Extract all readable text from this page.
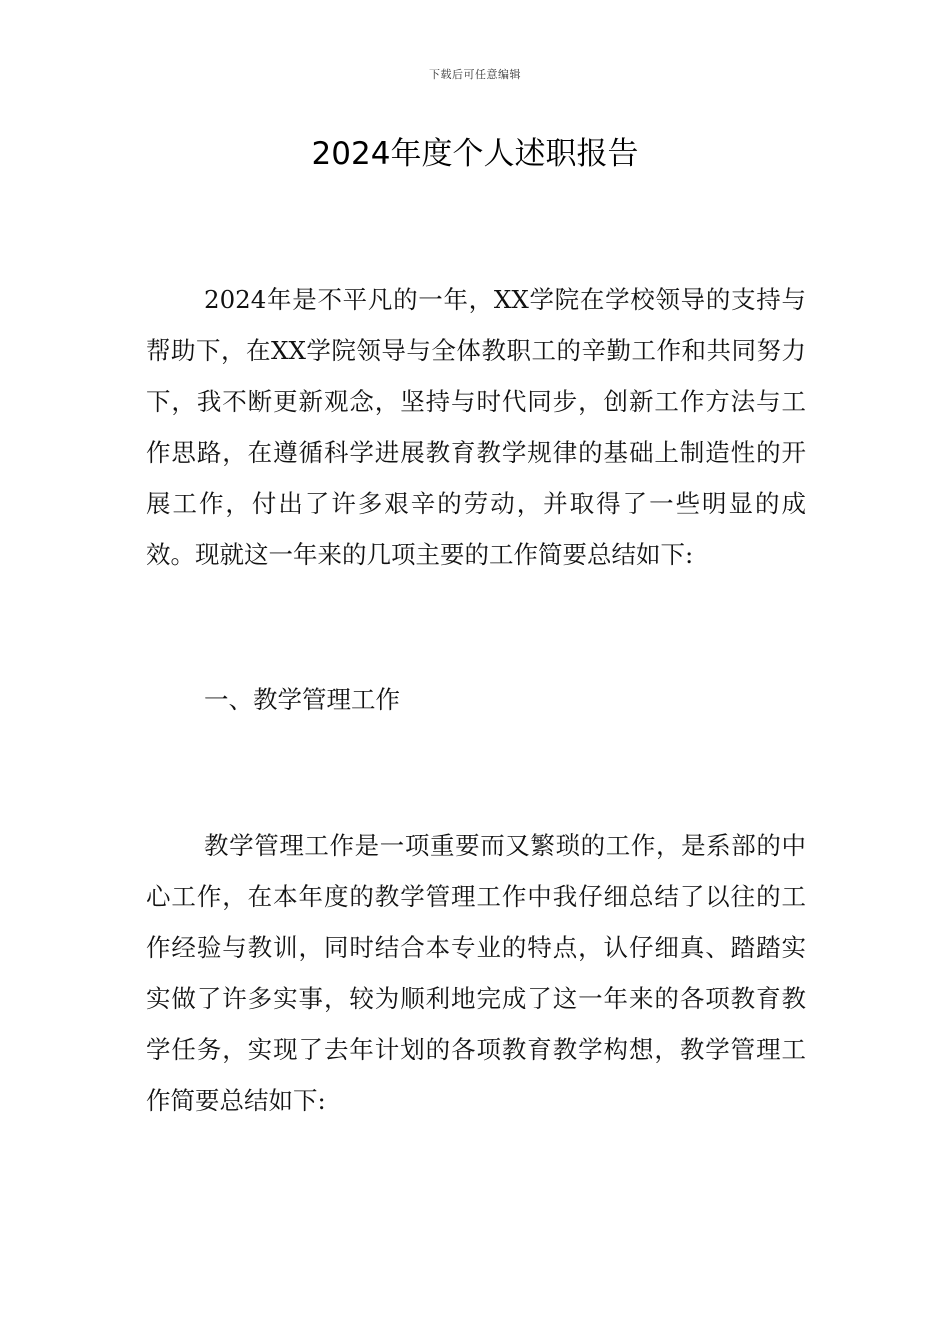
下载后可任意编辑
2024年度个人述职报告

2024年是不平凡的一年，XX学院在学校领导的支持与帮助下，在XX学院领导与全体教职工的辛勤工作和共同努力下，我不断更新观念，坚持与时代同步，创新工作方法与工作思路，在遵循科学进展教育教学规律的基础上制造性的开展工作，付出了许多艰辛的劳动，并取得了一些明显的成效。现就这一年来的几项主要的工作简要总结如下:

一、教学管理工作

教学管理工作是一项重要而又繁琐的工作，是系部的中心工作，在本年度的教学管理工作中我仔细总结了以往的工作经验与教训，同时结合本专业的特点，认仔细真、踏踏实实做了许多实事，较为顺利地完成了这一年来的各项教育教学任务，实现了去年计划的各项教育教学构想，教学管理工作简要总结如下:
